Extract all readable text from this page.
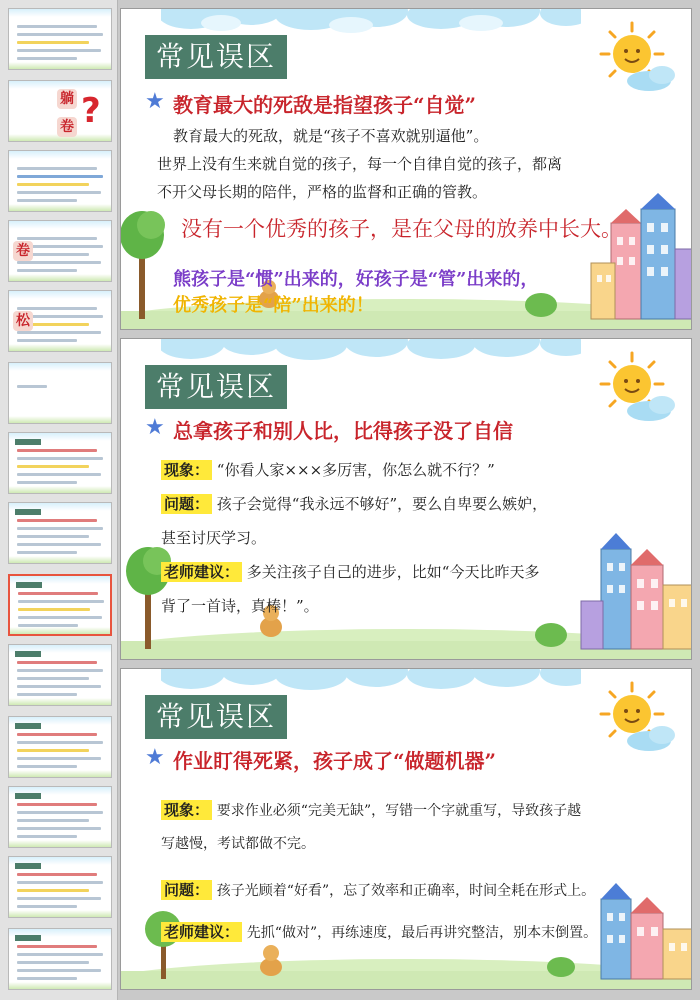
躺
卷 ?
卷
松
常见误区
★ 教育最大的死敌是指望孩子“自觉”
教育最大的死敌，就是“孩子不喜欢就别逼他”。
世界上没有生来就自觉的孩子，每一个自律自觉的孩子，都离
不开父母长期的陪伴，严格的监督和正确的管教。
没有一个优秀的孩子，是在父母的放养中长大。
熊孩子是“惯”出来的，好孩子是“管”出来的，
优秀孩子是“陪”出来的！
常见误区
★ 总拿孩子和别人比，比得孩子没了自信
现象： “你看人家×××多厉害，你怎么就不行？”
问题： 孩子会觉得“我永远不够好”，要么自卑要么嫉妒，
甚至讨厌学习。
老师建议： 多关注孩子自己的进步，比如“今天比昨天多
背了一首诗，真棒！”。
常见误区
★ 作业盯得死紧，孩子成了“做题机器”
现象： 要求作业必须“完美无缺”，写错一个字就重写，导致孩子越
写越慢，考试都做不完。
问题： 孩子光顾着“好看”，忘了效率和正确率，时间全耗在形式上。
老师建议： 先抓“做对”，再练速度，最后再讲究整洁，别本末倒置。
